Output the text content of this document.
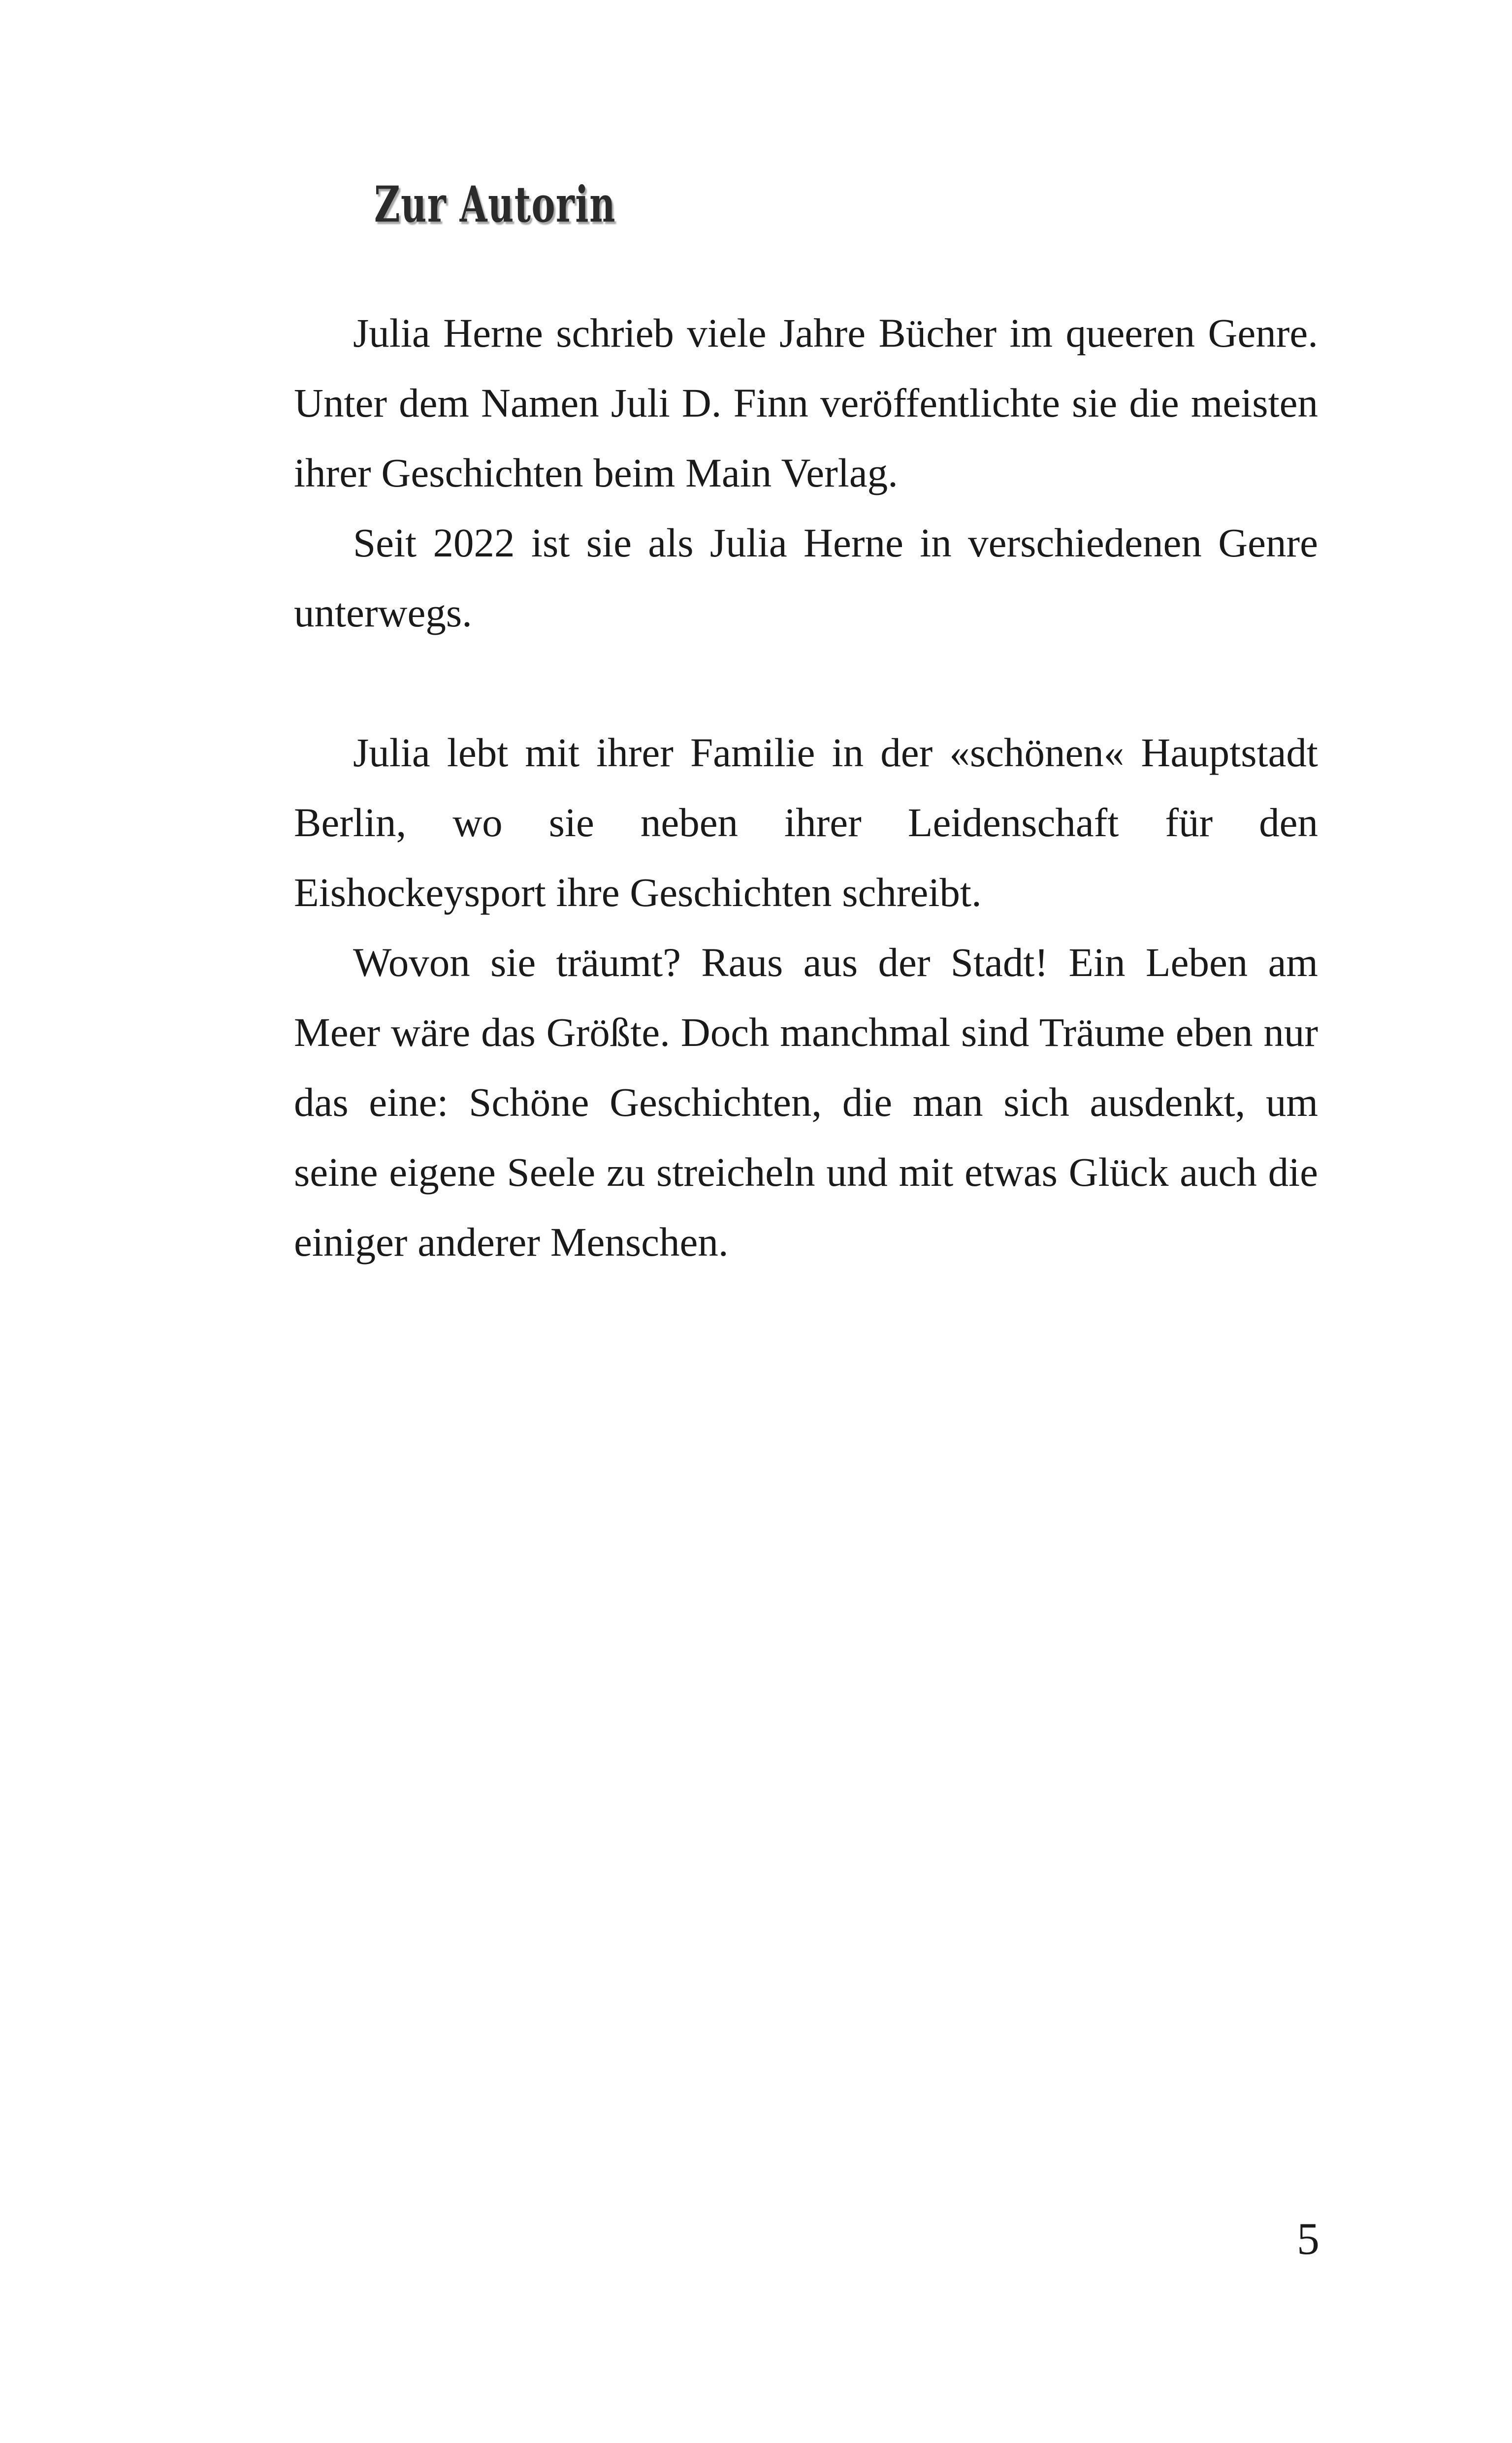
Zur Autorin

Julia Herne schrieb viele Jahre Bücher im queeren Genre. Unter dem Namen Juli D. Finn veröffentlichte sie die meisten ihrer Geschichten beim Main Verlag.

Seit 2022 ist sie als Julia Herne in verschiedenen Genre unterwegs.

Julia lebt mit ihrer Familie in der «schönen« Hauptstadt Berlin, wo sie neben ihrer Leidenschaft für den Eishockeysport ihre Geschichten schreibt.

Wovon sie träumt? Raus aus der Stadt! Ein Leben am Meer wäre das Größte. Doch manchmal sind Träume eben nur das eine: Schöne Geschichten, die man sich ausdenkt, um seine eigene Seele zu streicheln und mit etwas Glück auch die einiger anderer Menschen.

5
